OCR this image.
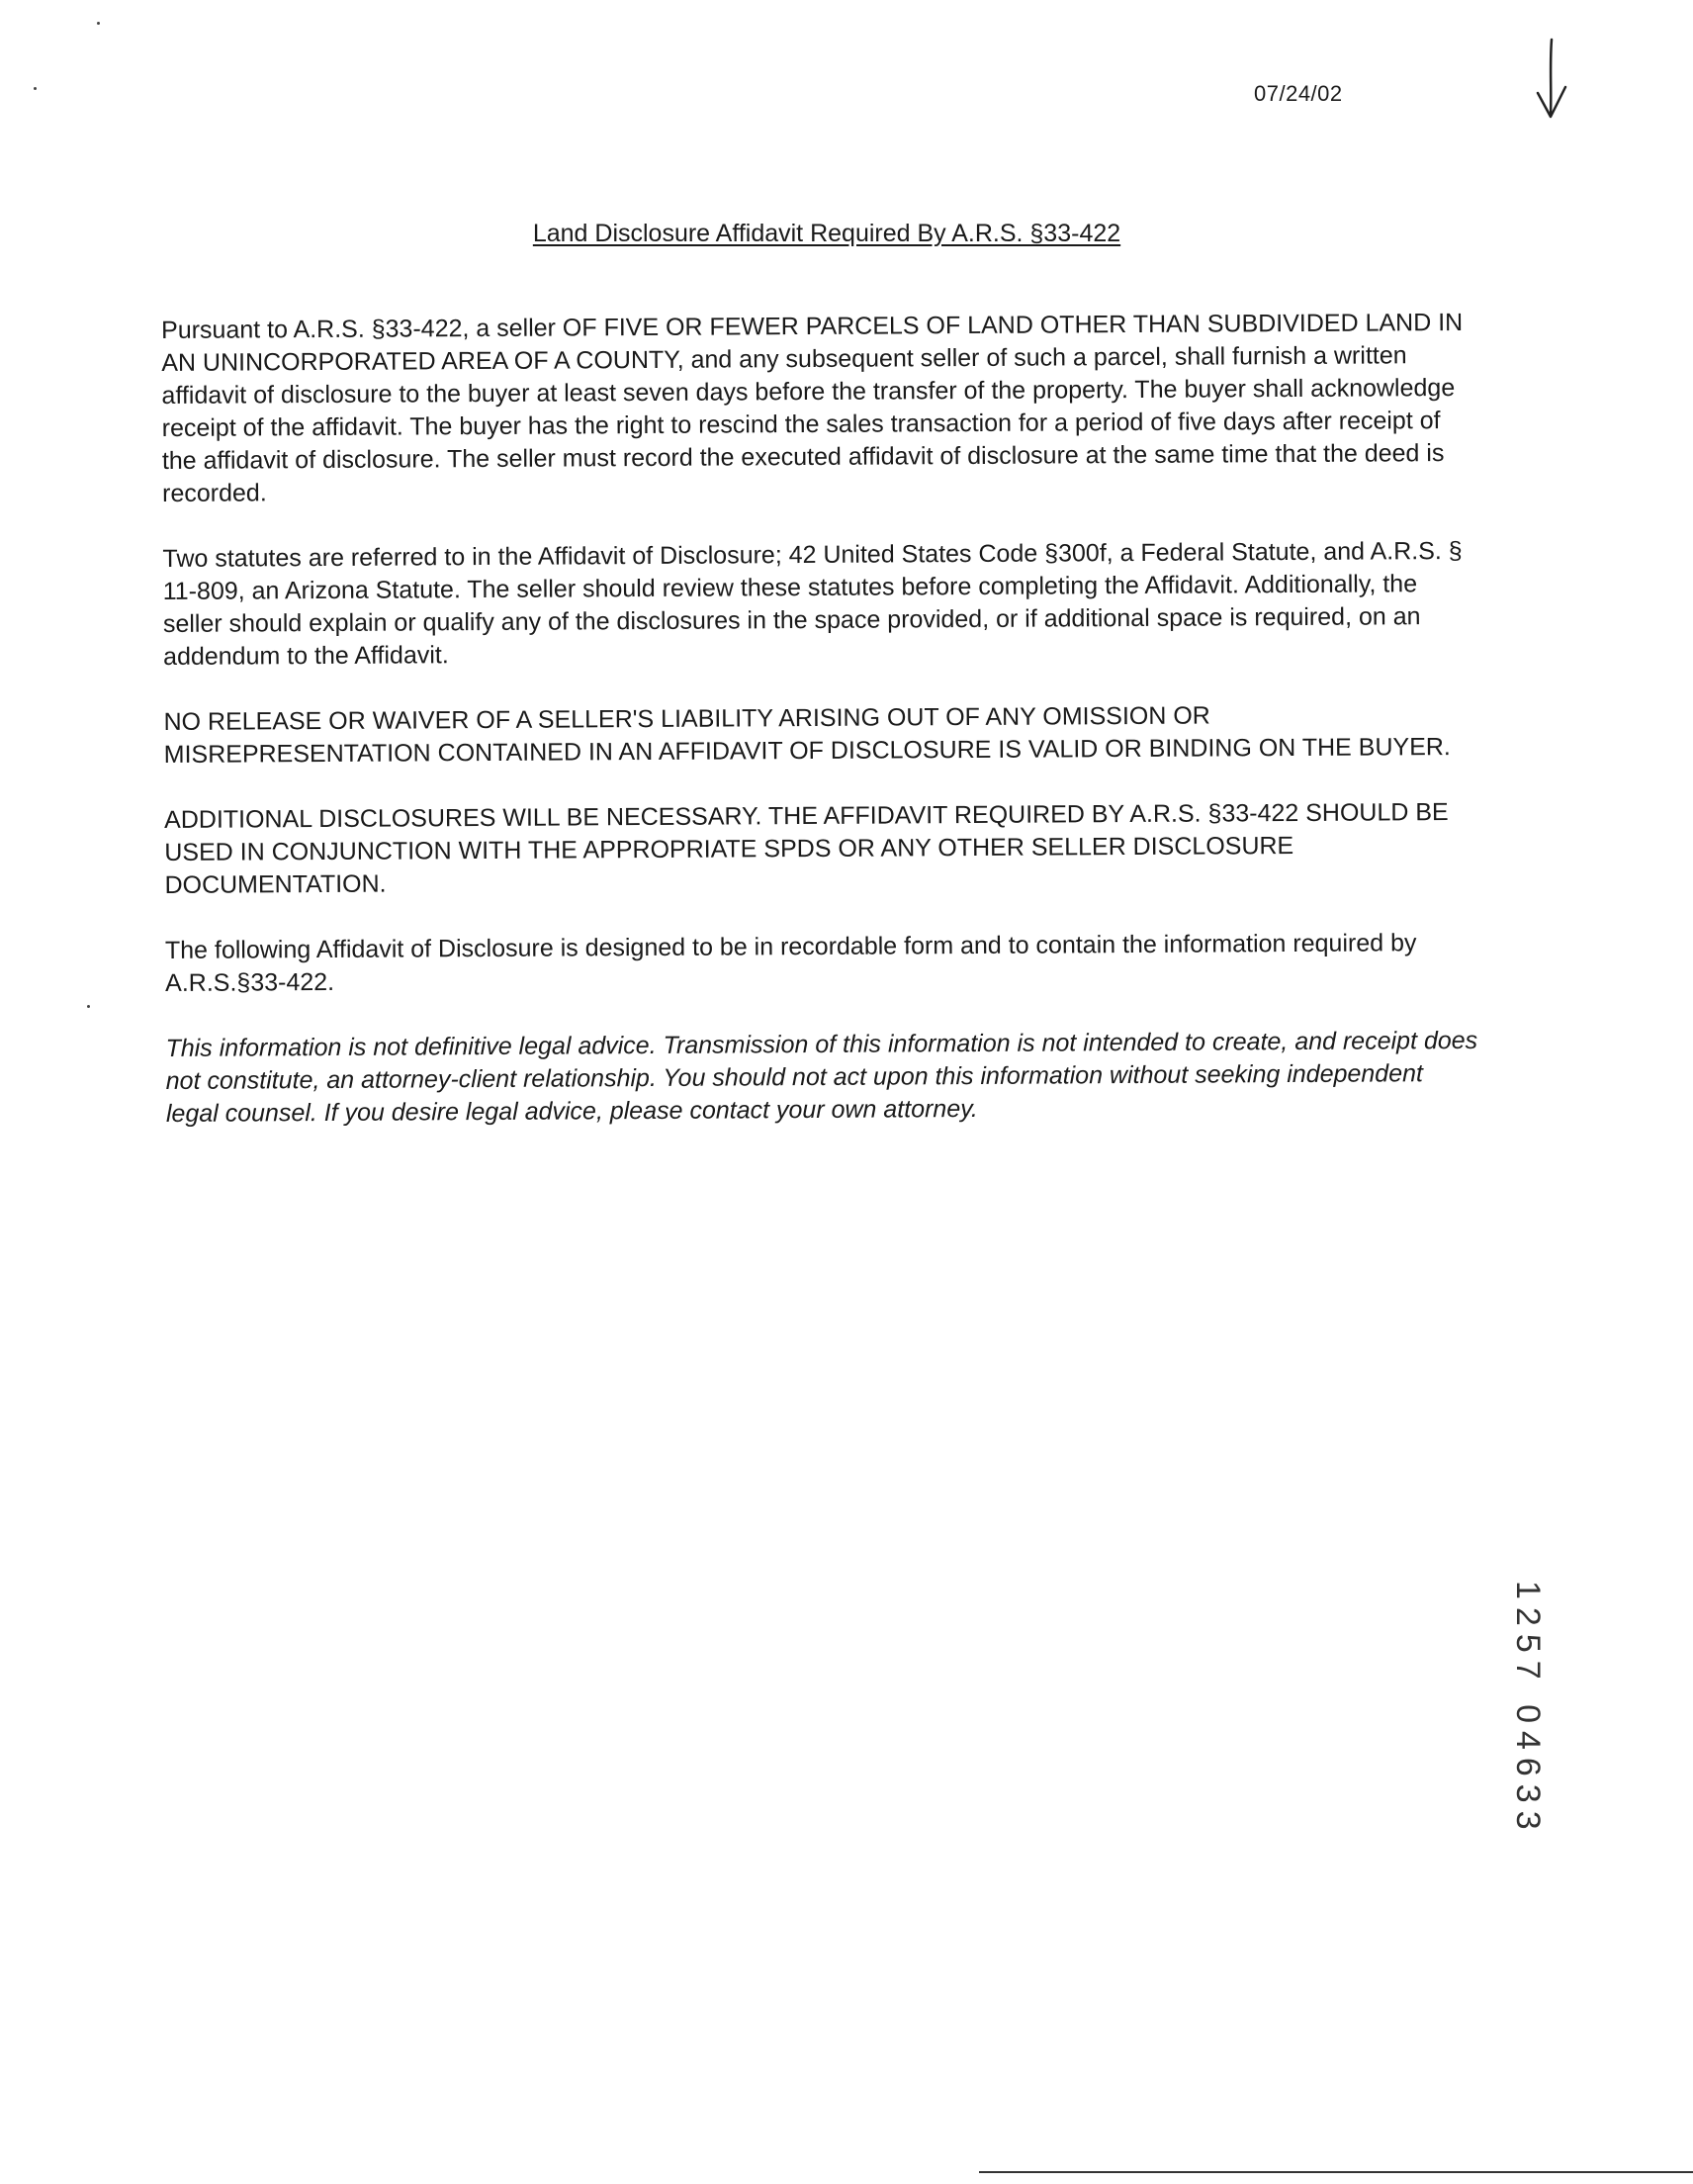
07/24/02
Land Disclosure Affidavit Required By A.R.S. §33-422

Pursuant to A.R.S. §33-422, a seller OF FIVE OR FEWER PARCELS OF LAND OTHER THAN SUBDIVIDED LAND IN AN UNINCORPORATED AREA OF A COUNTY, and any subsequent seller of such a parcel, shall furnish a written affidavit of disclosure to the buyer at least seven days before the transfer of the property. The buyer shall acknowledge receipt of the affidavit. The buyer has the right to rescind the sales transaction for a period of five days after receipt of the affidavit of disclosure. The seller must record the executed affidavit of disclosure at the same time that the deed is recorded.

Two statutes are referred to in the Affidavit of Disclosure; 42 United States Code §300f, a Federal Statute, and A.R.S. § 11-809, an Arizona Statute. The seller should review these statutes before completing the Affidavit. Additionally, the seller should explain or qualify any of the disclosures in the space provided, or if additional space is required, on an addendum to the Affidavit.

NO RELEASE OR WAIVER OF A SELLER'S LIABILITY ARISING OUT OF ANY OMISSION OR MISREPRESENTATION CONTAINED IN AN AFFIDAVIT OF DISCLOSURE IS VALID OR BINDING ON THE BUYER.

ADDITIONAL DISCLOSURES WILL BE NECESSARY. THE AFFIDAVIT REQUIRED BY A.R.S. §33-422 SHOULD BE USED IN CONJUNCTION WITH THE APPROPRIATE SPDS OR ANY OTHER SELLER DISCLOSURE DOCUMENTATION.

The following Affidavit of Disclosure is designed to be in recordable form and to contain the information required by A.R.S.§33-422.

This information is not definitive legal advice. Transmission of this information is not intended to create, and receipt does not constitute, an attorney-client relationship. You should not act upon this information without seeking independent legal counsel. If you desire legal advice, please contact your own attorney.

1257 04633
